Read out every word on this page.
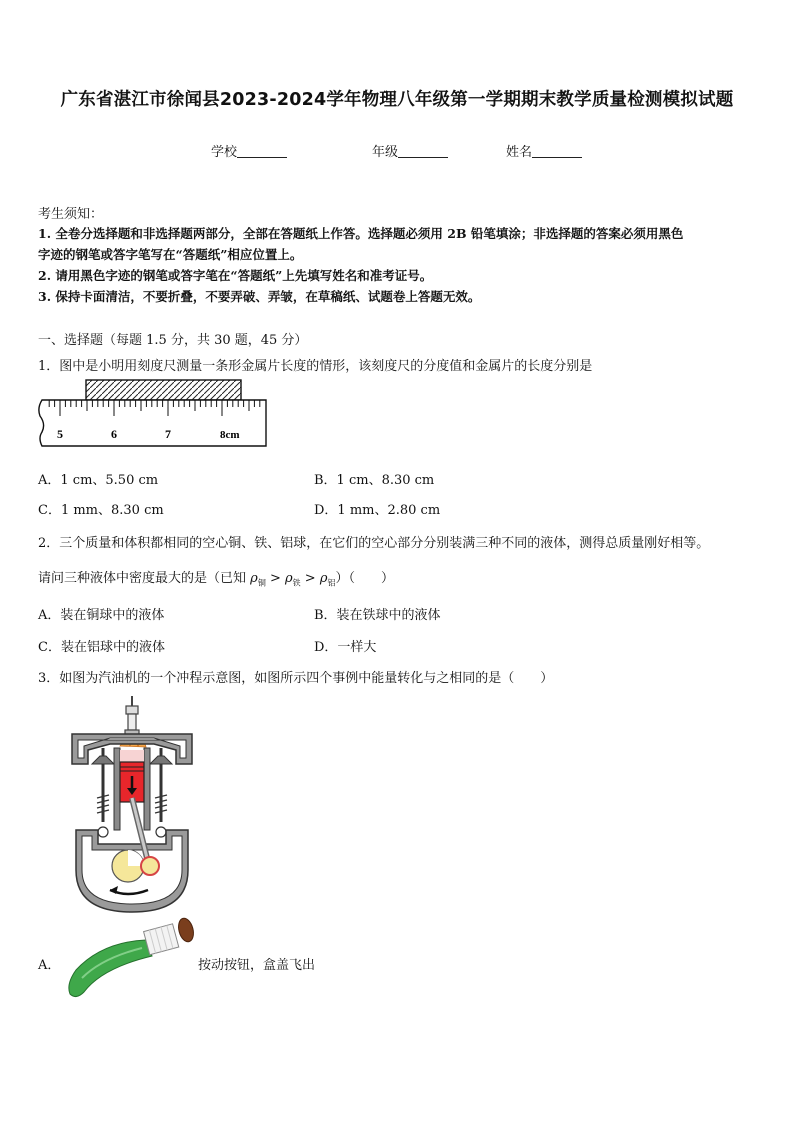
广东省湛江市徐闻县2023-2024学年物理八年级第一学期期末教学质量检测模拟试题
学校	年级	姓名
考生须知：
1. 全卷分选择题和非选择题两部分，全部在答题纸上作答。选择题必须用 2B 铅笔填涂；非选择题的答案必须用黑色
字迹的钢笔或答字笔写在“答题纸”相应位置上。
2. 请用黑色字迹的钢笔或答字笔在“答题纸”上先填写姓名和准考证号。
3. 保持卡面清洁，不要折叠，不要弄破、弄皱，在草稿纸、试题卷上答题无效。
一、选择题（每题 1.5 分，共 30 题，45 分）
1．图中是小明用刻度尺测量一条形金属片长度的情形，该刻度尺的分度值和金属片的长度分别是
5	6	7	8cm
A．1 cm、5.50 cm	B．1 cm、8.30 cm
C．1 mm、8.30 cm	D．1 mm、2.80 cm
2．三个质量和体积都相同的空心铜、铁、铝球，在它们的空心部分分别装满三种不同的液体，测得总质量刚好相等。
请问三种液体中密度最大的是（已知 $\rho_铜 > \rho_铁 > \rho_铝$）（　　）
A．装在铜球中的液体	B．装在铁球中的液体
C．装在铝球中的液体	D．一样大
3．如图为汽油机的一个冲程示意图，如图所示四个事例中能量转化与之相同的是（　　）
A．	按动按钮，盒盖飞出
